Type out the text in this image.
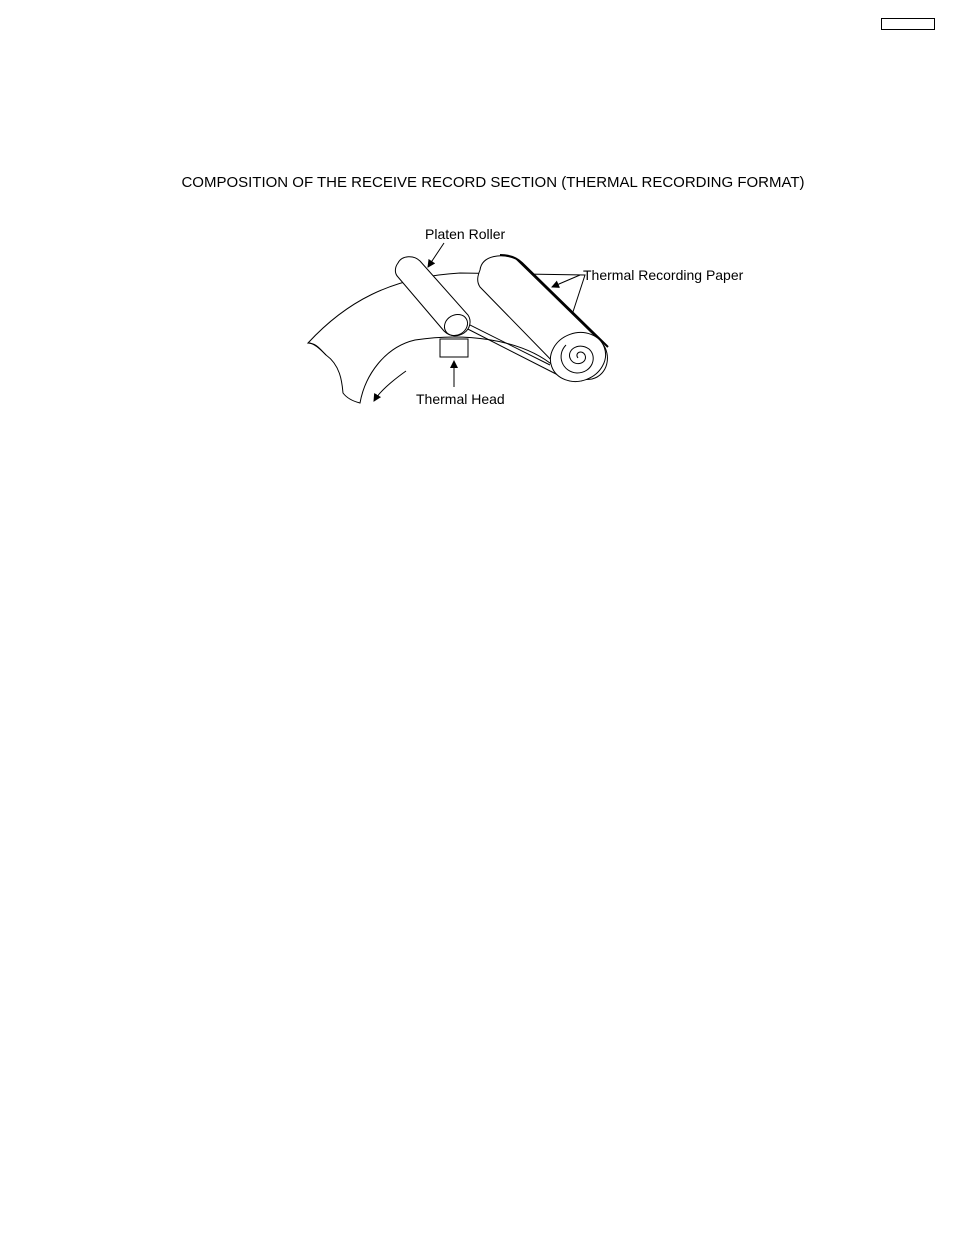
COMPOSITION OF THE RECEIVE RECORD SECTION (THERMAL RECORDING FORMAT)
Platen Roller
Thermal Recording Paper
Thermal Head
